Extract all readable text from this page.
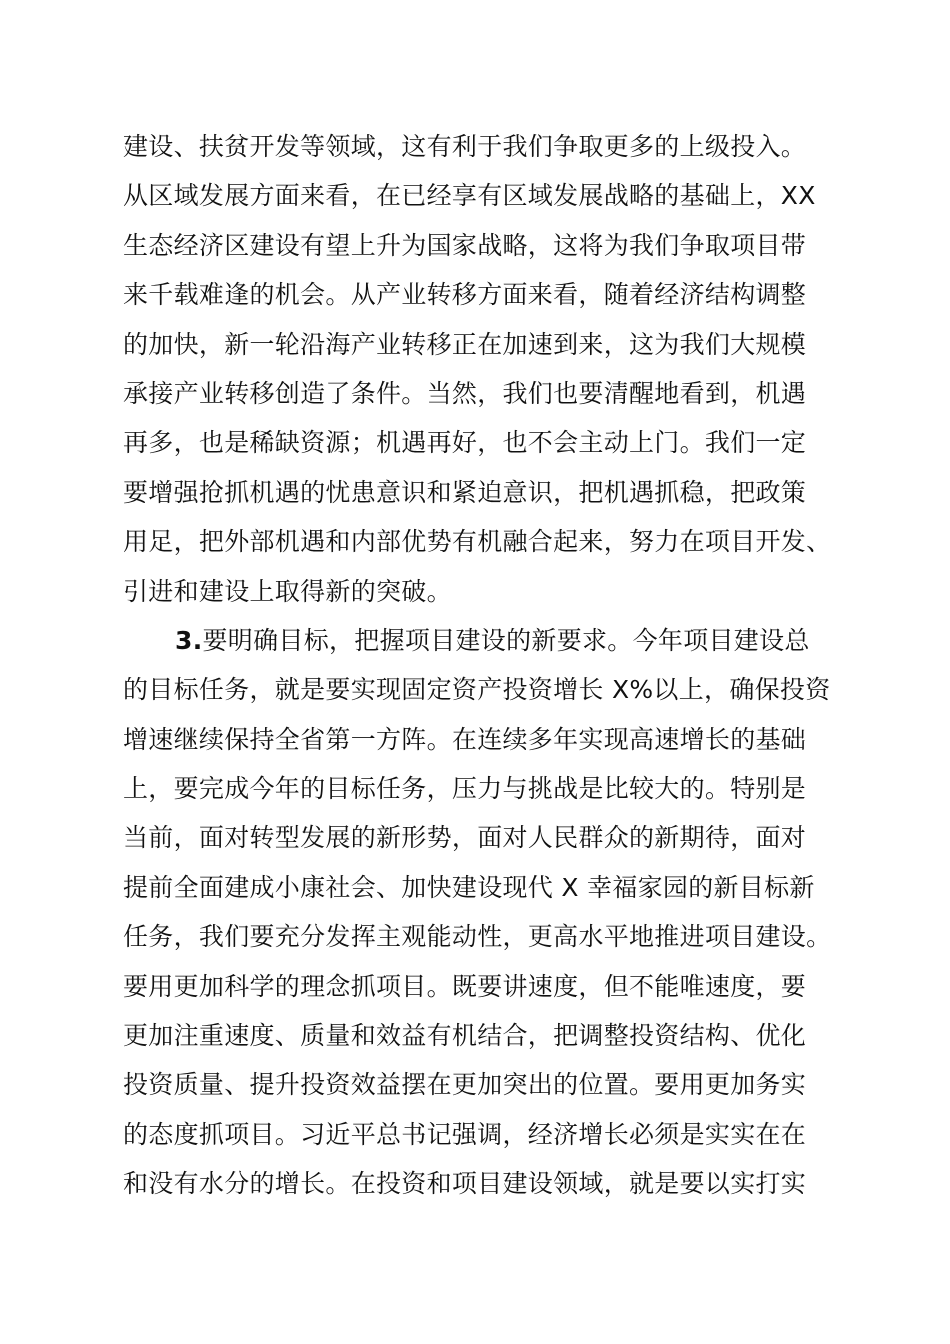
建设、扶贫开发等领域，这有利于我们争取更多的上级投入。
从区域发展方面来看，在已经享有区域发展战略的基础上，XX
生态经济区建设有望上升为国家战略，这将为我们争取项目带
来千载难逢的机会。从产业转移方面来看，随着经济结构调整
的加快，新一轮沿海产业转移正在加速到来，这为我们大规模
承接产业转移创造了条件。当然，我们也要清醒地看到，机遇
再多，也是稀缺资源；机遇再好，也不会主动上门。我们一定
要增强抢抓机遇的忧患意识和紧迫意识，把机遇抓稳，把政策
用足，把外部机遇和内部优势有机融合起来，努力在项目开发、
引进和建设上取得新的突破。
3.要明确目标，把握项目建设的新要求。今年项目建设总
的目标任务，就是要实现固定资产投资增长 X%以上，确保投资
增速继续保持全省第一方阵。在连续多年实现高速增长的基础
上，要完成今年的目标任务，压力与挑战是比较大的。特别是
当前，面对转型发展的新形势，面对人民群众的新期待，面对
提前全面建成小康社会、加快建设现代 X 幸福家园的新目标新
任务，我们要充分发挥主观能动性，更高水平地推进项目建设。
要用更加科学的理念抓项目。既要讲速度，但不能唯速度，要
更加注重速度、质量和效益有机结合，把调整投资结构、优化
投资质量、提升投资效益摆在更加突出的位置。要用更加务实
的态度抓项目。习近平总书记强调，经济增长必须是实实在在
和没有水分的增长。在投资和项目建设领域，就是要以实打实
